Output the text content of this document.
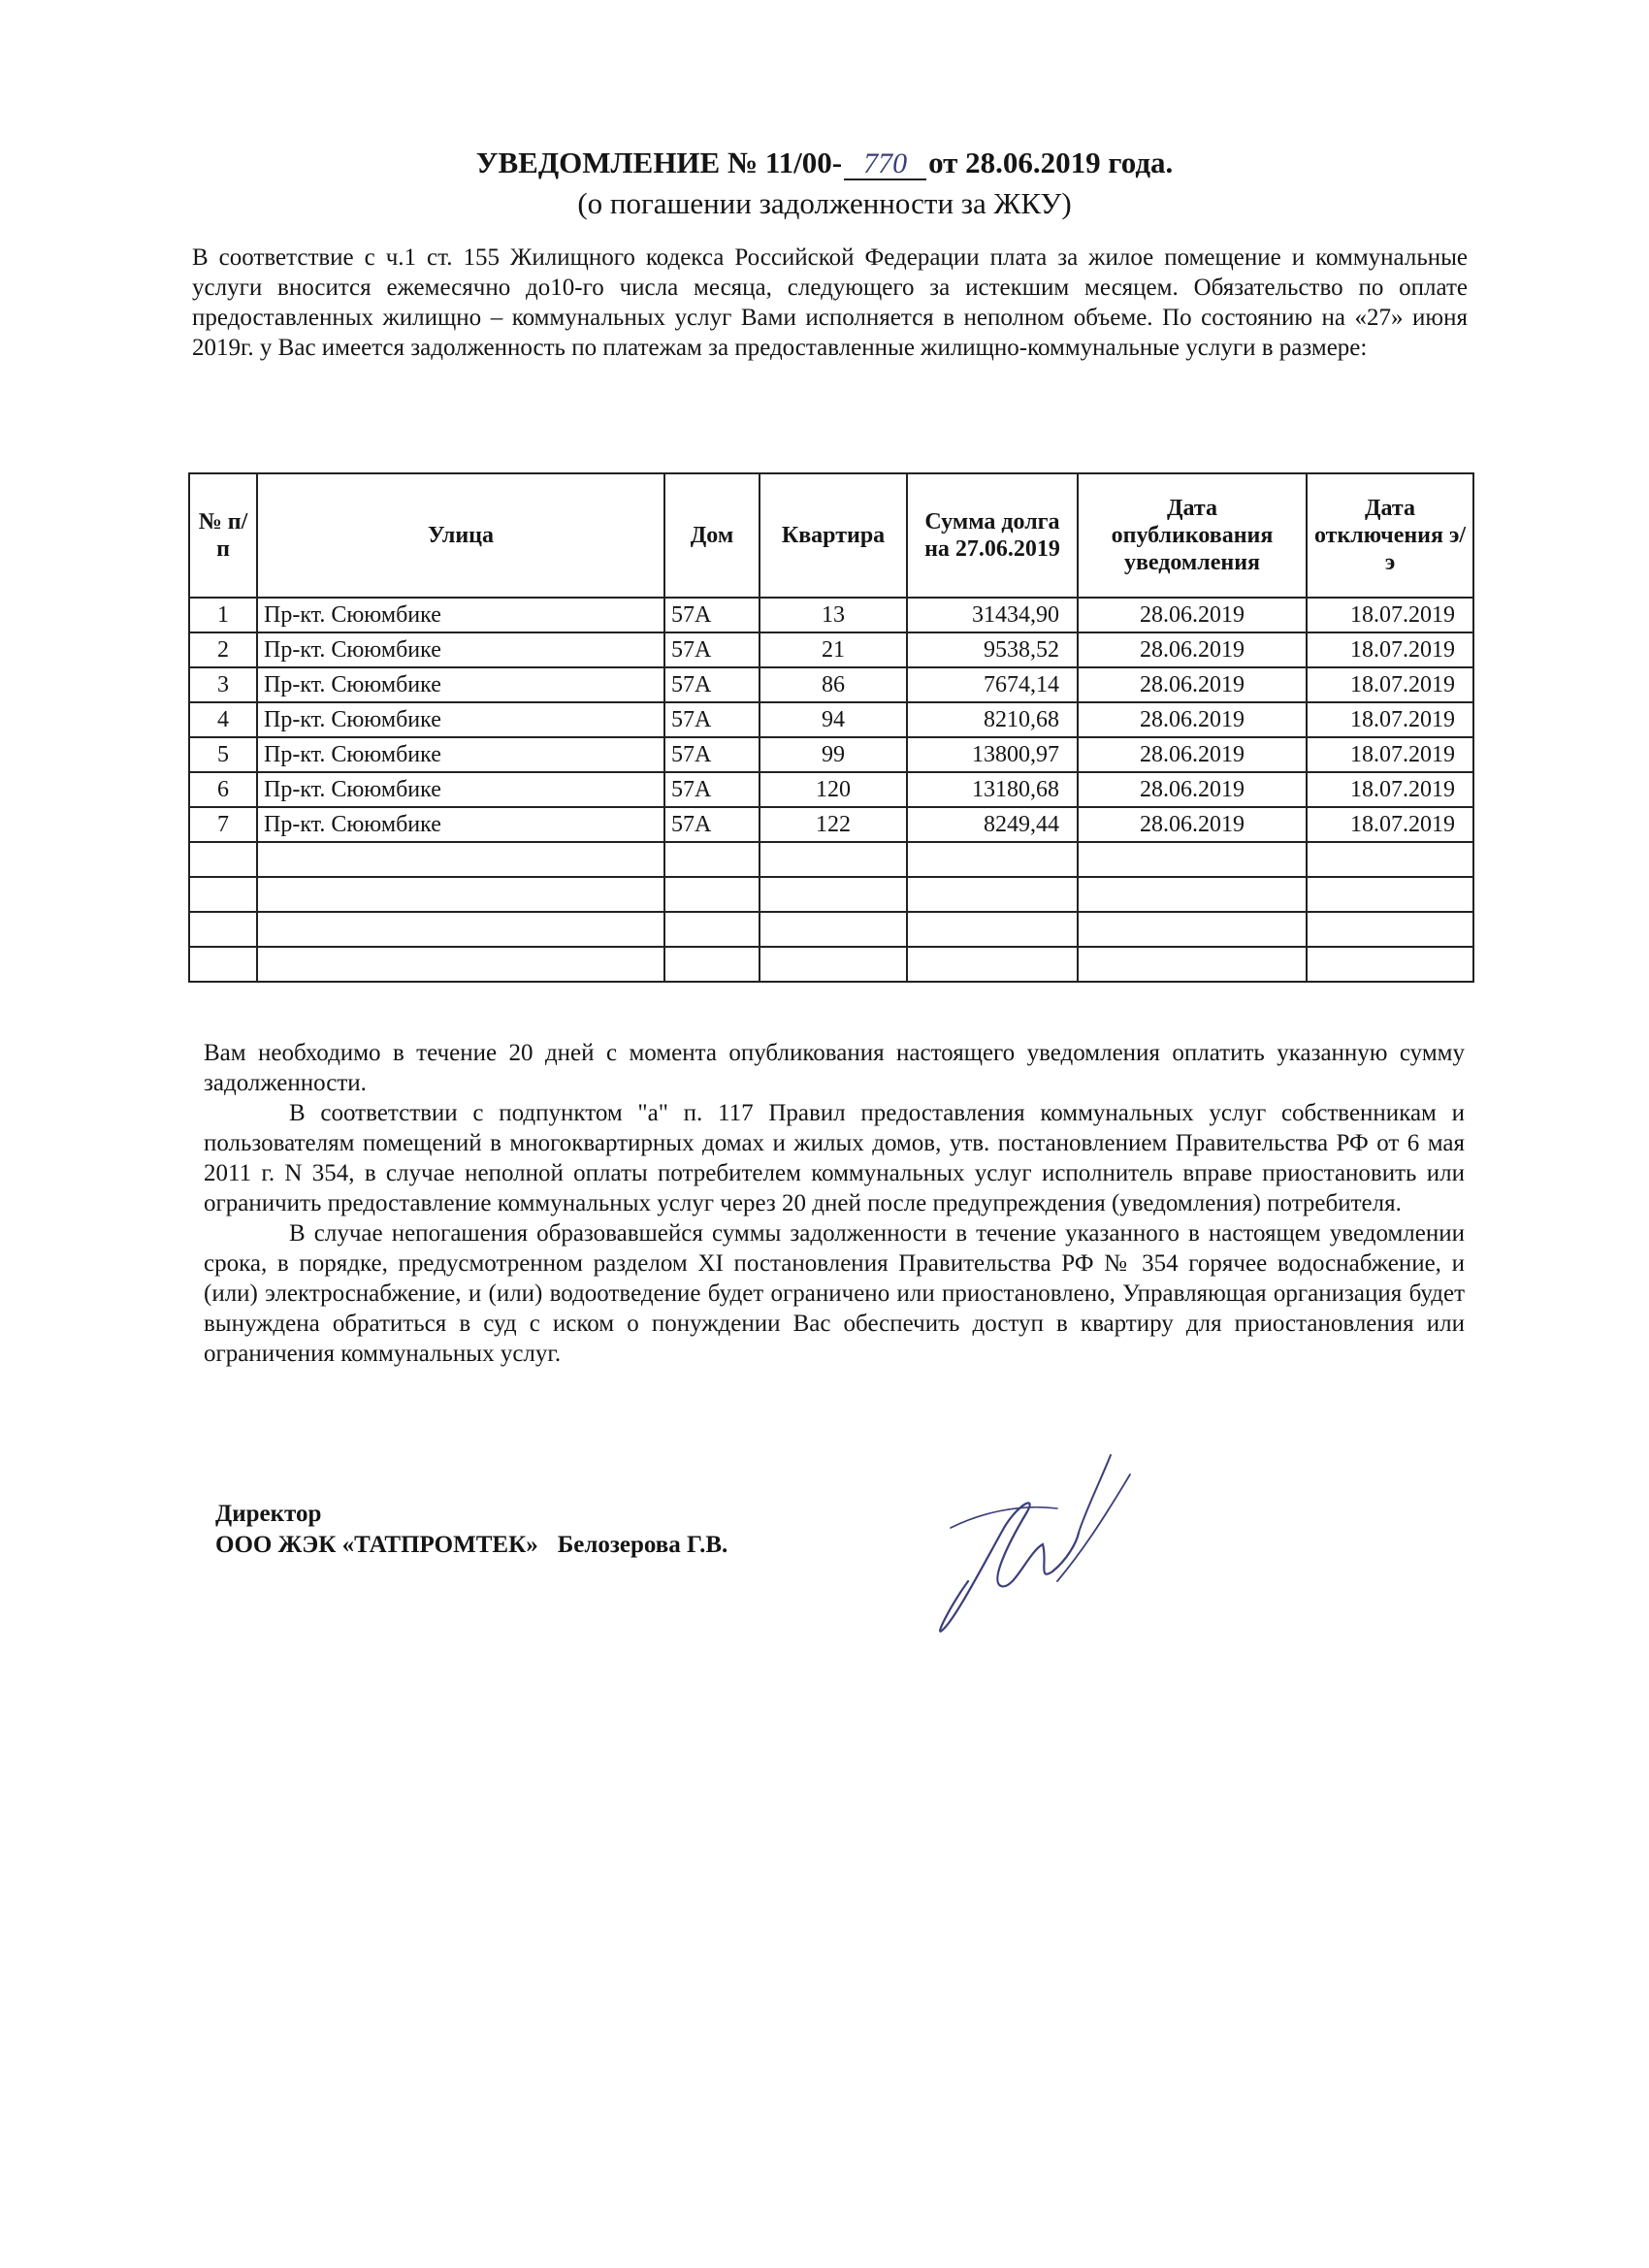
УВЕДОМЛЕНИЕ № 11/00- 770 от 28.06.2019 года.
(о погашении задолженности за ЖКУ)

В соответствие с ч.1 ст. 155 Жилищного кодекса Российской Федерации плата за жилое помещение и коммунальные услуги вносится ежемесячно до10-го числа месяца, следующего за истекшим месяцем. Обязательство по оплате предоставленных жилищно – коммунальных услуг Вами исполняется в неполном объеме. По состоянию на «27» июня 2019г. у Вас имеется задолженность по платежам за предоставленные жилищно-коммунальные услуги в размере:

№ п/п	Улица	Дом	Квартира	Сумма долга на 27.06.2019	Дата опубликования уведомления	Дата отключения э/э
1	Пр-кт. Сююмбике	57А	13	31434,90	28.06.2019	18.07.2019
2	Пр-кт. Сююмбике	57А	21	9538,52	28.06.2019	18.07.2019
3	Пр-кт. Сююмбике	57А	86	7674,14	28.06.2019	18.07.2019
4	Пр-кт. Сююмбике	57А	94	8210,68	28.06.2019	18.07.2019
5	Пр-кт. Сююмбике	57А	99	13800,97	28.06.2019	18.07.2019
6	Пр-кт. Сююмбике	57А	120	13180,68	28.06.2019	18.07.2019
7	Пр-кт. Сююмбике	57А	122	8249,44	28.06.2019	18.07.2019

Вам необходимо в течение 20 дней с момента опубликования настоящего уведомления оплатить указанную сумму задолженности.

В соответствии с подпунктом "а" п. 117 Правил предоставления коммунальных услуг собственникам и пользователям помещений в многоквартирных домах и жилых домов, утв. постановлением Правительства РФ от 6 мая 2011 г. N 354, в случае неполной оплаты потребителем коммунальных услуг исполнитель вправе приостановить или ограничить предоставление коммунальных услуг через 20 дней после предупреждения (уведомления) потребителя.

В случае непогашения образовавшейся суммы задолженности в течение указанного в настоящем уведомлении срока, в порядке, предусмотренном разделом XI постановления Правительства РФ № 354 горячее водоснабжение, и (или) электроснабжение, и (или) водоотведение будет ограничено или приостановлено, Управляющая организация будет вынуждена обратиться в суд с иском о понуждении Вас обеспечить доступ в квартиру для приостановления или ограничения коммунальных услуг.

Директор
ООО ЖЭК «ТАТПРОМТЕК» Белозерова Г.В.
